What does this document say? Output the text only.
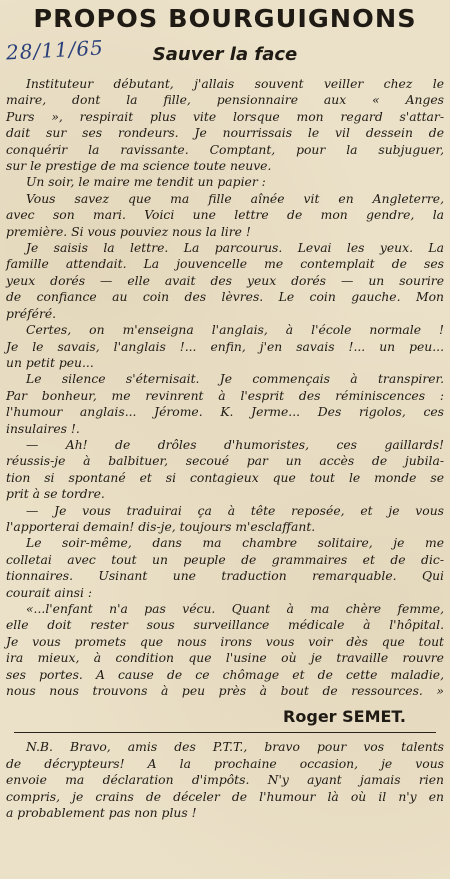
PROPOS BOURGUIGNONS
28/11/65	Sauver la face
Instituteur débutant, j'allais souvent veiller chez le
maire, dont la fille, pensionnaire aux « Anges
Purs », respirait plus vite lorsque mon regard s'attar-
dait sur ses rondeurs. Je nourrissais le vil dessein de
conquérir la ravissante. Comptant, pour la subjuguer,
sur le prestige de ma science toute neuve.
Un soir, le maire me tendit un papier :
Vous savez que ma fille aînée vit en Angleterre,
avec son mari. Voici une lettre de mon gendre, la
première. Si vous pouviez nous la lire !
Je saisis la lettre. La parcourus. Levai les yeux. La
famille attendait. La jouvencelle me contemplait de ses
yeux dorés — elle avait des yeux dorés — un sourire
de confiance au coin des lèvres. Le coin gauche. Mon
préféré.
Certes, on m'enseigna l'anglais, à l'école normale !
Je le savais, l'anglais !... enfin, j'en savais !... un peu...
un petit peu...
Le silence s'éternisait. Je commençais à transpirer.
Par bonheur, me revinrent à l'esprit des réminiscences :
l'humour anglais... Jérome. K. Jerme... Des rigolos, ces
insulaires !.
— Ah! de drôles d'humoristes, ces gaillards!
réussis-je à balbituer, secoué par un accès de jubila-
tion si spontané et si contagieux que tout le monde se
prit à se tordre.
— Je vous traduirai ça à tête reposée, et je vous
l'apporterai demain! dis-je, toujours m'esclaffant.
Le soir-même, dans ma chambre solitaire, je me
colletai avec tout un peuple de grammaires et de dic-
tionnaires. Usinant une traduction remarquable. Qui
courait ainsi :
«...l'enfant n'a pas vécu. Quant à ma chère femme,
elle doit rester sous surveillance médicale à l'hôpital.
Je vous promets que nous irons vous voir dès que tout
ira mieux, à condition que l'usine où je travaille rouvre
ses portes. A cause de ce chômage et de cette maladie,
nous nous trouvons à peu près à bout de ressources. »
Roger SEMET.
N.B. Bravo, amis des P.T.T., bravo pour vos talents
de décrypteurs! A la prochaine occasion, je vous
envoie ma déclaration d'impôts. N'y ayant jamais rien
compris, je crains de déceler de l'humour là où il n'y en
a probablement pas non plus !
